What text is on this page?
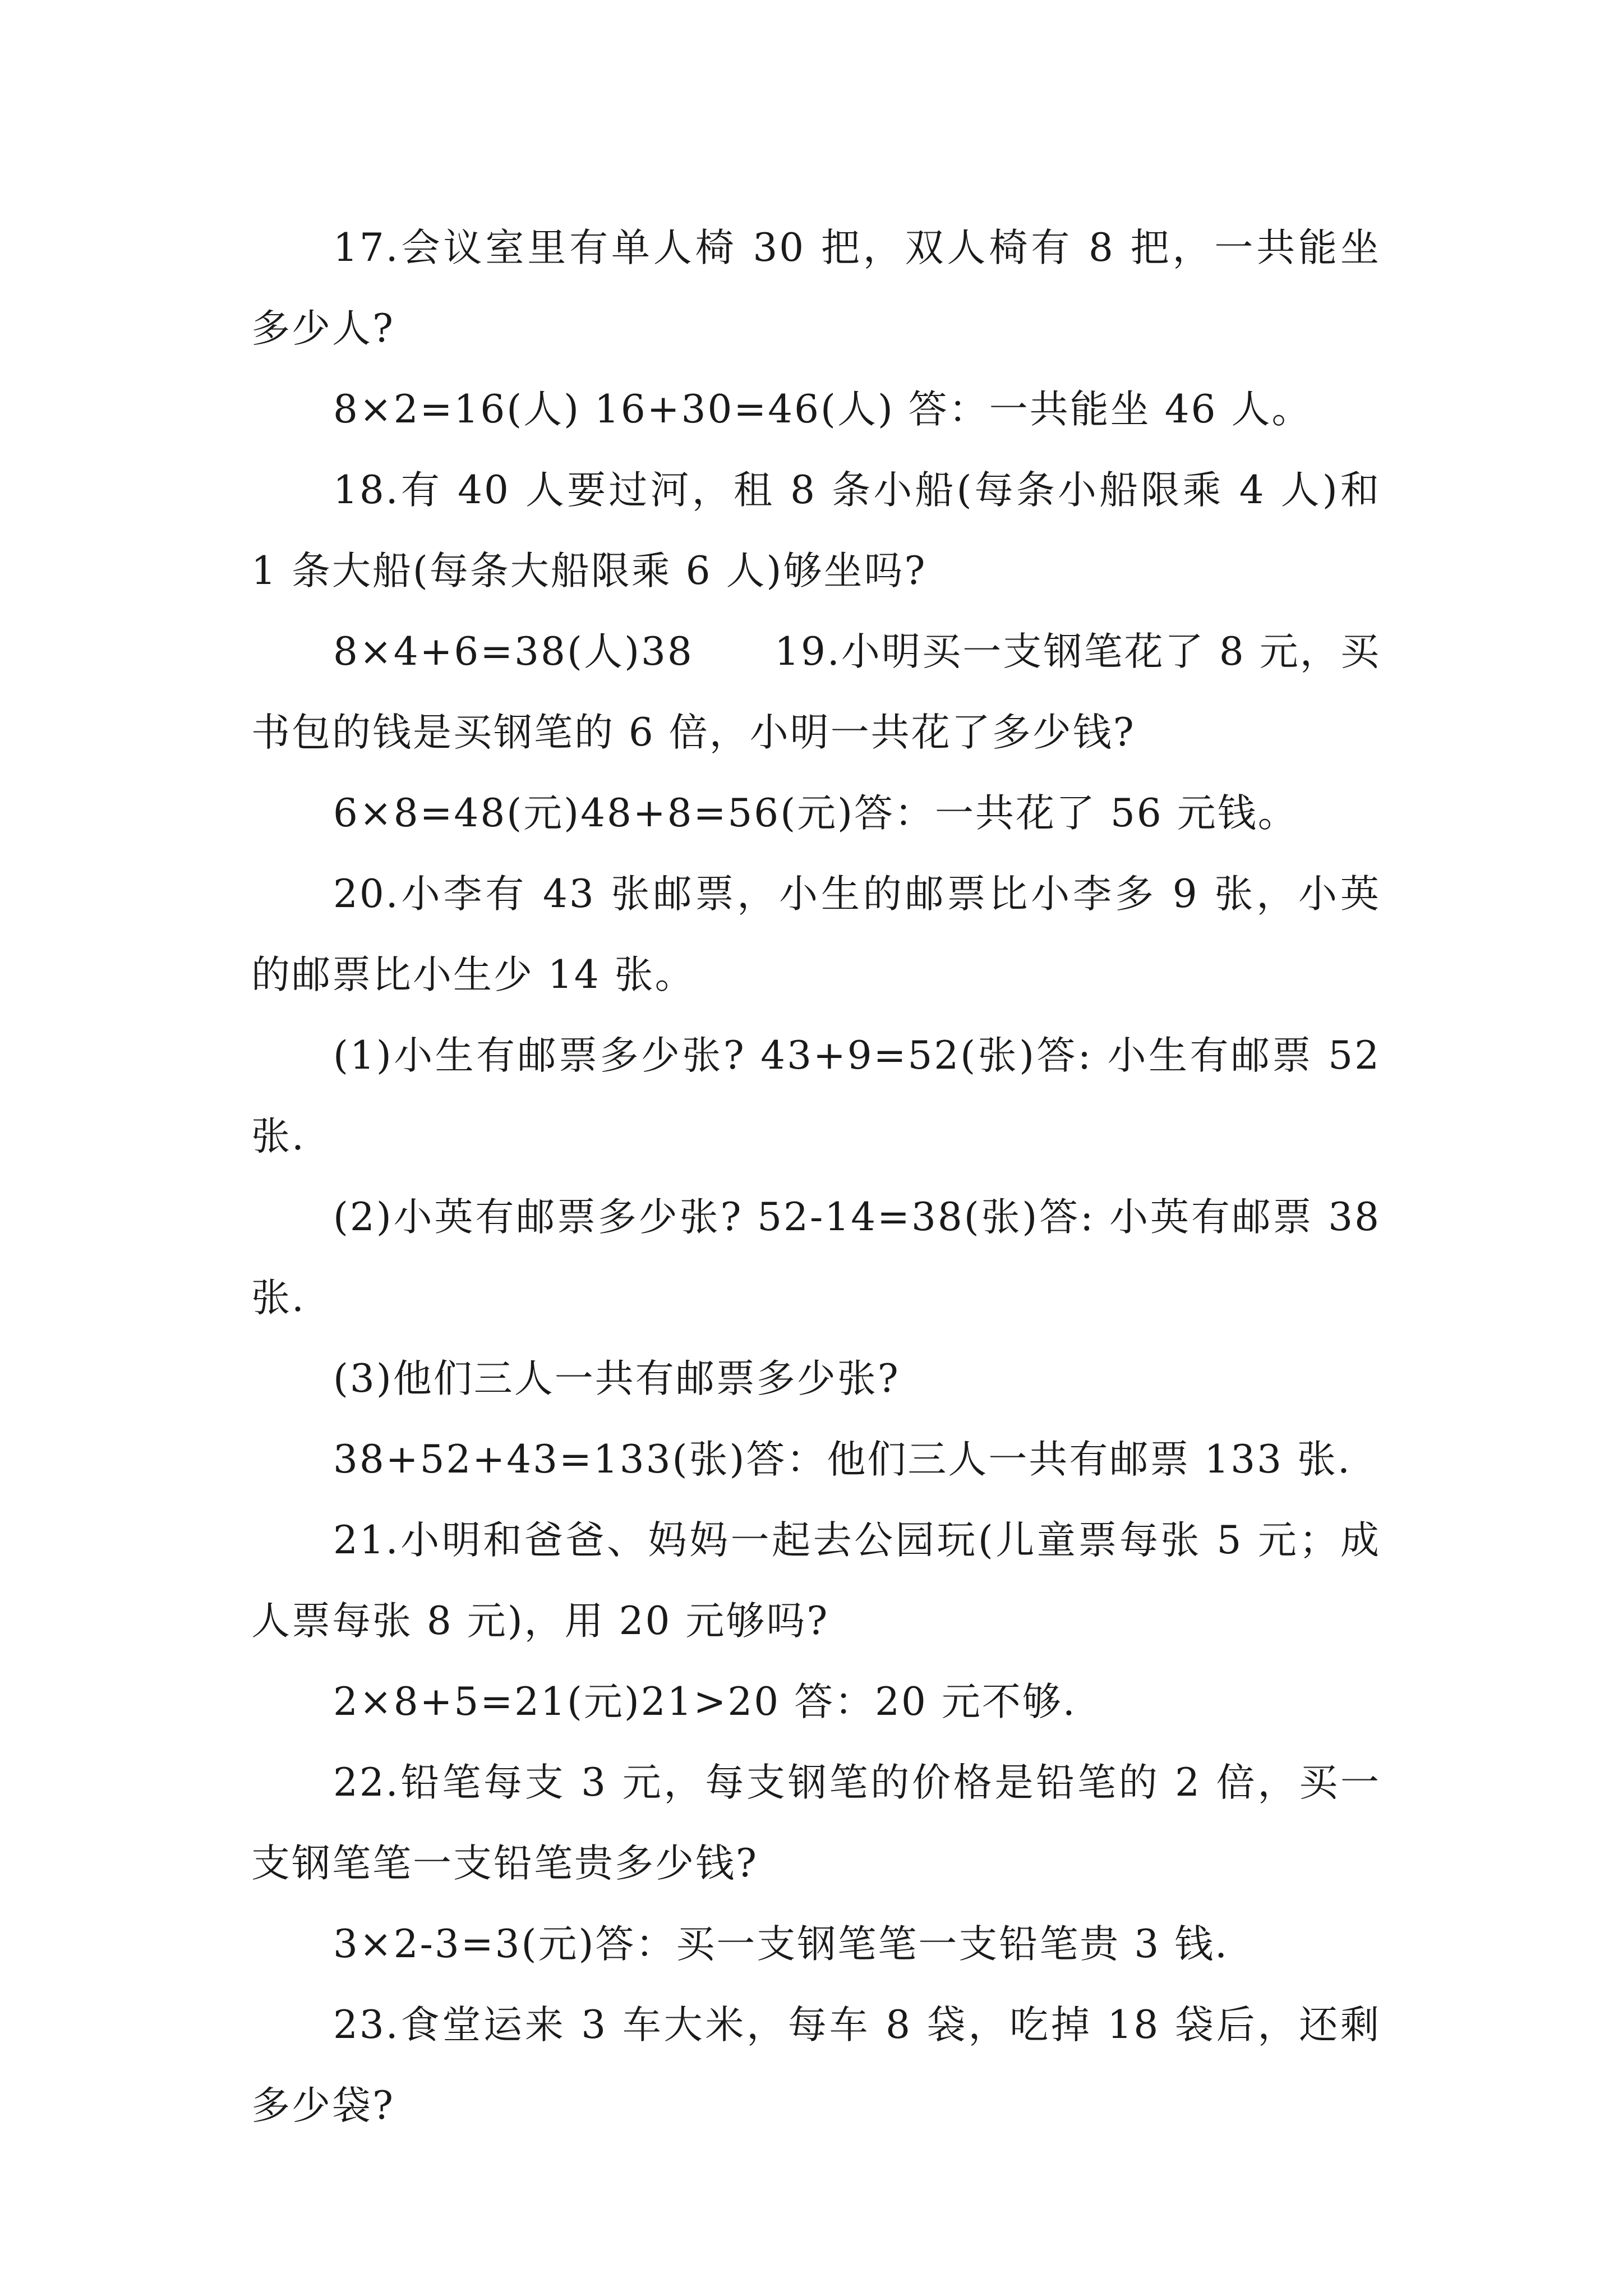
17.会议室里有单人椅 30 把，双人椅有 8 把，一共能坐多少人?

8×2=16(人) 16+30=46(人) 答：一共能坐 46 人。

18.有 40 人要过河，租 8 条小船(每条小船限乘 4 人)和 1 条大船(每条大船限乘 6 人)够坐吗?

8×4+6=38(人)38　　19.小明买一支钢笔花了 8 元，买书包的钱是买钢笔的 6 倍，小明一共花了多少钱?

6×8=48(元)48+8=56(元)答：一共花了 56 元钱。

20.小李有 43 张邮票，小生的邮票比小李多 9 张，小英的邮票比小生少 14 张。

(1)小生有邮票多少张? 43+9=52(张)答: 小生有邮票 52 张.

(2)小英有邮票多少张? 52-14=38(张)答: 小英有邮票 38 张.

(3)他们三人一共有邮票多少张?

38+52+43=133(张)答：他们三人一共有邮票 133 张.

21.小明和爸爸、妈妈一起去公园玩(儿童票每张 5 元；成人票每张 8 元)，用 20 元够吗?

2×8+5=21(元)21>20 答：20 元不够.

22.铅笔每支 3 元，每支钢笔的价格是铅笔的 2 倍，买一支钢笔笔一支铅笔贵多少钱?

3×2-3=3(元)答：买一支钢笔笔一支铅笔贵 3 钱.

23.食堂运来 3 车大米，每车 8 袋，吃掉 18 袋后，还剩多少袋?
